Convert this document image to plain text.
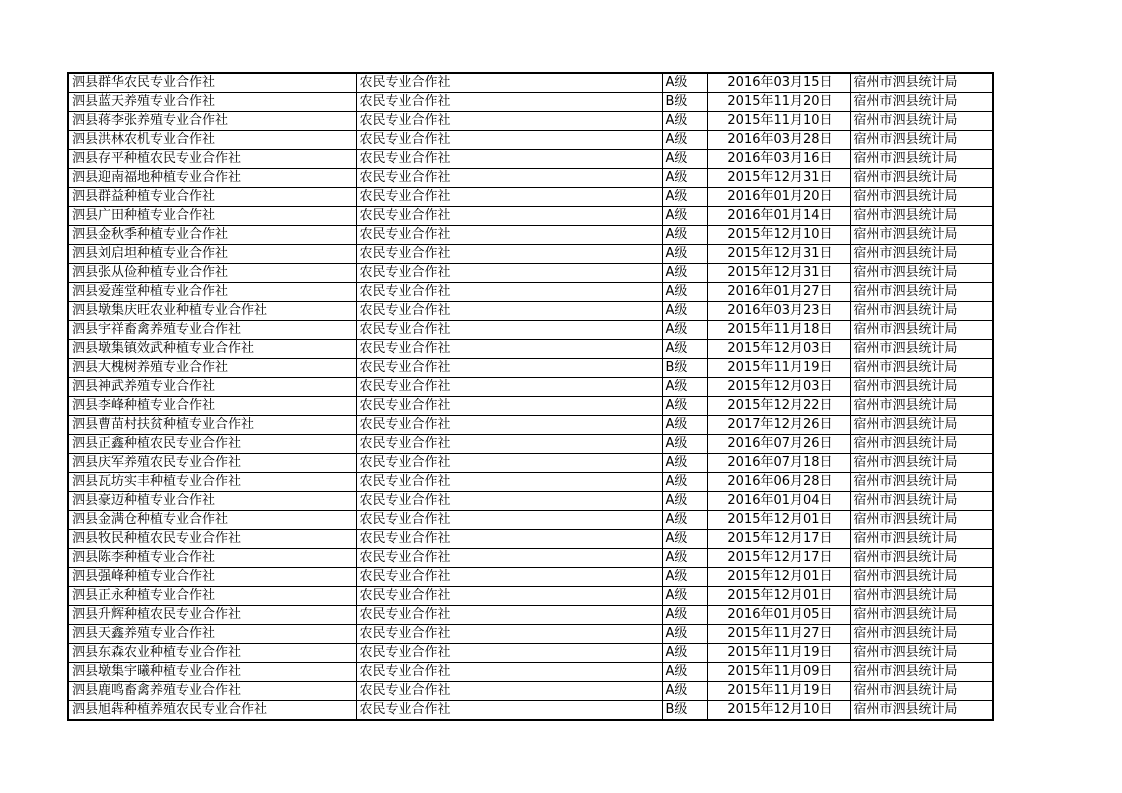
泗县群华农民专业合作社	农民专业合作社	A级	2016年03月15日	宿州市泗县统计局
泗县蓝天养殖专业合作社	农民专业合作社	B级	2015年11月20日	宿州市泗县统计局
泗县蒋李张养殖专业合作社	农民专业合作社	A级	2015年11月10日	宿州市泗县统计局
泗县洪林农机专业合作社	农民专业合作社	A级	2016年03月28日	宿州市泗县统计局
泗县存平种植农民专业合作社	农民专业合作社	A级	2016年03月16日	宿州市泗县统计局
泗县迎南福地种植专业合作社	农民专业合作社	A级	2015年12月31日	宿州市泗县统计局
泗县群益种植专业合作社	农民专业合作社	A级	2016年01月20日	宿州市泗县统计局
泗县广田种植专业合作社	农民专业合作社	A级	2016年01月14日	宿州市泗县统计局
泗县金秋季种植专业合作社	农民专业合作社	A级	2015年12月10日	宿州市泗县统计局
泗县刘启坦种植专业合作社	农民专业合作社	A级	2015年12月31日	宿州市泗县统计局
泗县张从俭种植专业合作社	农民专业合作社	A级	2015年12月31日	宿州市泗县统计局
泗县爱莲堂种植专业合作社	农民专业合作社	A级	2016年01月27日	宿州市泗县统计局
泗县墩集庆旺农业种植专业合作社	农民专业合作社	A级	2016年03月23日	宿州市泗县统计局
泗县宇祥畜禽养殖专业合作社	农民专业合作社	A级	2015年11月18日	宿州市泗县统计局
泗县墩集镇效武种植专业合作社	农民专业合作社	A级	2015年12月03日	宿州市泗县统计局
泗县大槐树养殖专业合作社	农民专业合作社	B级	2015年11月19日	宿州市泗县统计局
泗县神武养殖专业合作社	农民专业合作社	A级	2015年12月03日	宿州市泗县统计局
泗县李峰种植专业合作社	农民专业合作社	A级	2015年12月22日	宿州市泗县统计局
泗县曹苗村扶贫种植专业合作社	农民专业合作社	A级	2017年12月26日	宿州市泗县统计局
泗县正鑫种植农民专业合作社	农民专业合作社	A级	2016年07月26日	宿州市泗县统计局
泗县庆军养殖农民专业合作社	农民专业合作社	A级	2016年07月18日	宿州市泗县统计局
泗县瓦坊实丰种植专业合作社	农民专业合作社	A级	2016年06月28日	宿州市泗县统计局
泗县豪迈种植专业合作社	农民专业合作社	A级	2016年01月04日	宿州市泗县统计局
泗县金满仓种植专业合作社	农民专业合作社	A级	2015年12月01日	宿州市泗县统计局
泗县牧民种植农民专业合作社	农民专业合作社	A级	2015年12月17日	宿州市泗县统计局
泗县陈李种植专业合作社	农民专业合作社	A级	2015年12月17日	宿州市泗县统计局
泗县强峰种植专业合作社	农民专业合作社	A级	2015年12月01日	宿州市泗县统计局
泗县正永种植专业合作社	农民专业合作社	A级	2015年12月01日	宿州市泗县统计局
泗县升辉种植农民专业合作社	农民专业合作社	A级	2016年01月05日	宿州市泗县统计局
泗县天鑫养殖专业合作社	农民专业合作社	A级	2015年11月27日	宿州市泗县统计局
泗县东森农业种植专业合作社	农民专业合作社	A级	2015年11月19日	宿州市泗县统计局
泗县墩集宇曦种植专业合作社	农民专业合作社	A级	2015年11月09日	宿州市泗县统计局
泗县鹿鸣畜禽养殖专业合作社	农民专业合作社	A级	2015年11月19日	宿州市泗县统计局
泗县旭犇种植养殖农民专业合作社	农民专业合作社	B级	2015年12月10日	宿州市泗县统计局
